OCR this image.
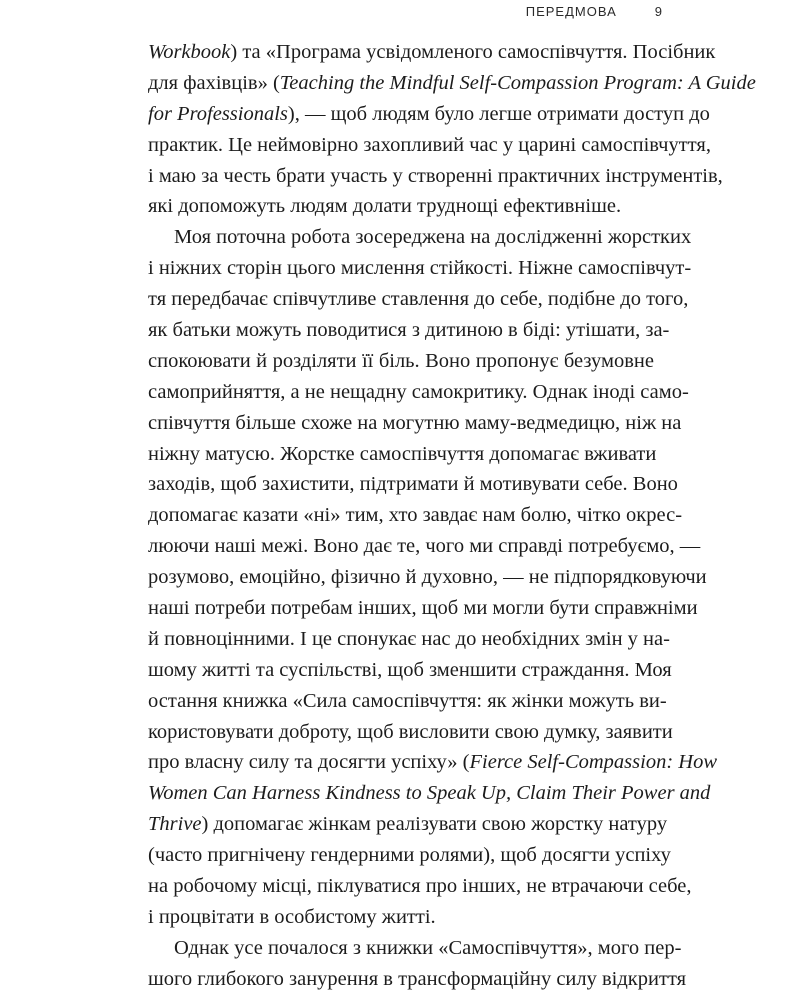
ПЕРЕДМОВА	9
Workbook) та «Програма усвідомленого самоспівчуття. Посібник
для фахівців» (Teaching the Mindful Self-Compassion Program: A Guide
for Professionals), — щоб людям було легше отримати доступ до
практик. Це неймовірно захопливий час у царині самоспівчуття,
і маю за честь брати участь у створенні практичних інструментів,
які допоможуть людям долати труднощі ефективніше.
Моя поточна робота зосереджена на дослідженні жорстких
і ніжних сторін цього мислення стійкості. Ніжне самоспівчут-
тя передбачає співчутливе ставлення до себе, подібне до того,
як батьки можуть поводитися з дитиною в біді: утішати, за-
спокоювати й розділяти її біль. Воно пропонує безумовне
самоприйняття, а не нещадну самокритику. Однак іноді само-
співчуття більше схоже на могутню маму-ведмедицю, ніж на
ніжну матусю. Жорстке самоспівчуття допомагає вживати
заходів, щоб захистити, підтримати й мотивувати себе. Воно
допомагає казати «ні» тим, хто завдає нам болю, чітко окрес-
люючи наші межі. Воно дає те, чого ми справді потребуємо, —
розумово, емоційно, фізично й духовно, — не підпорядковуючи
наші потреби потребам інших, щоб ми могли бути справжніми
й повноцінними. І це спонукає нас до необхідних змін у на-
шому житті та суспільстві, щоб зменшити страждання. Моя
остання книжка «Сила самоспівчуття: як жінки можуть ви-
користовувати доброту, щоб висловити свою думку, заявити
про власну силу та досягти успіху» (Fierce Self-Compassion: How
Women Can Harness Kindness to Speak Up, Claim Their Power and
Thrive) допомагає жінкам реалізувати свою жорстку натуру
(часто пригнічену гендерними ролями), щоб досягти успіху
на робочому місці, піклуватися про інших, не втрачаючи себе,
і процвітати в особистому житті.
Однак усе почалося з книжки «Самоспівчуття», мого пер-
шого глибокого занурення в трансформаційну силу відкриття
